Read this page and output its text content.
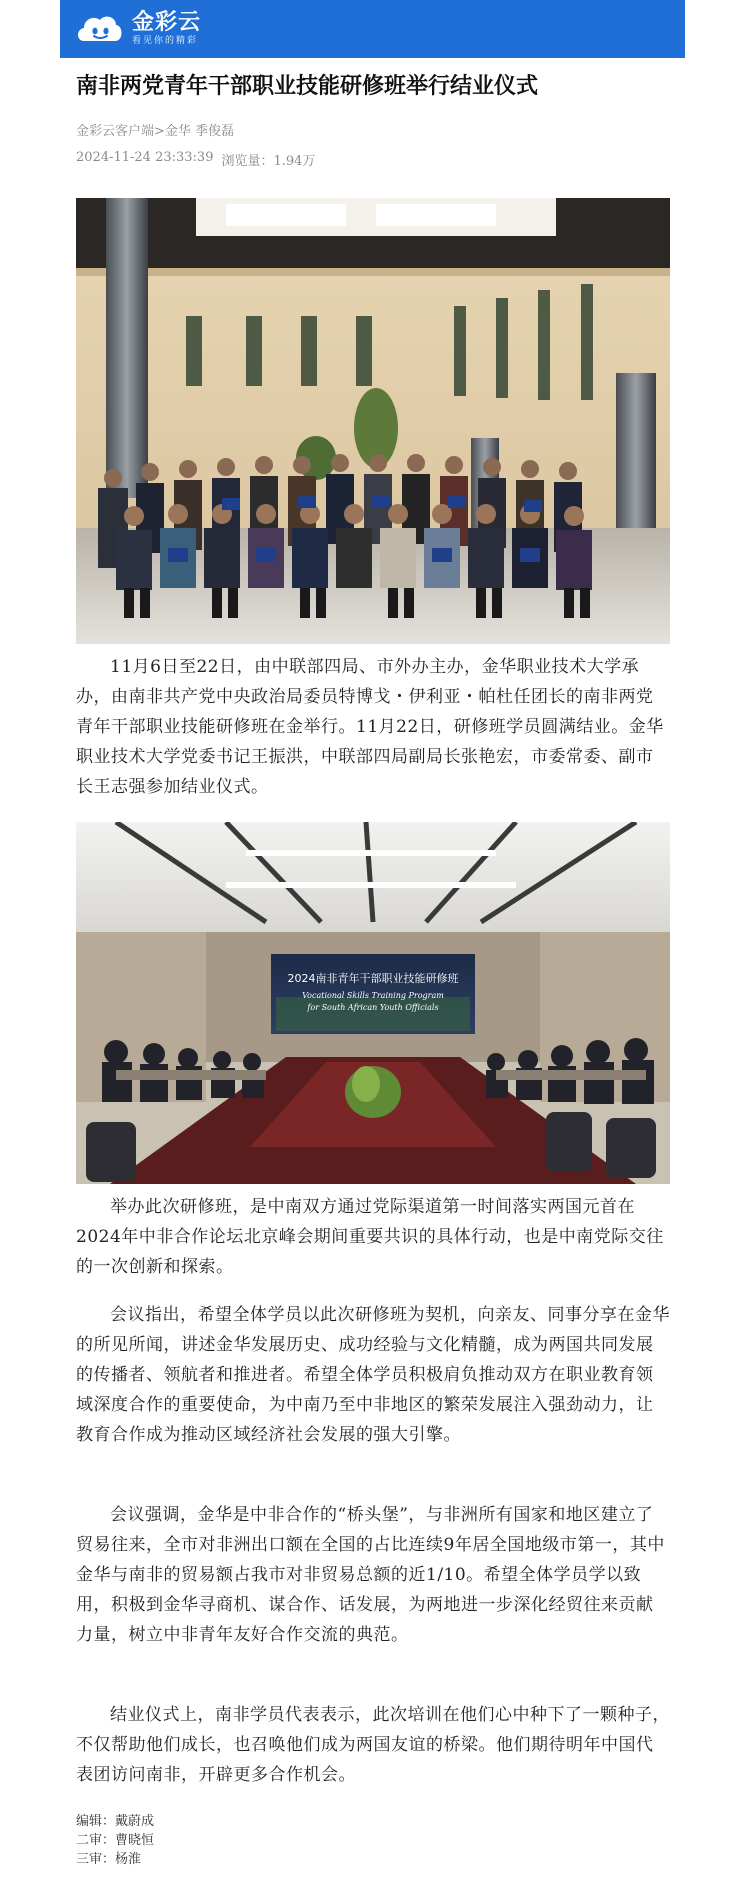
金彩云
看见你的精彩
南非两党青年干部职业技能研修班举行结业仪式
金彩云客户端>金华 季俊磊
2024-11-24 23:33:39 浏览量：1.94万

11月6日至22日，由中联部四局、市外办主办，金华职业技术大学承办，由南非共产党中央政治局委员特博戈・伊利亚・帕杜任团长的南非两党青年干部职业技能研修班在金举行。11月22日，研修班学员圆满结业。金华职业技术大学党委书记王振洪，中联部四局副局长张艳宏，市委常委、副市长王志强参加结业仪式。

2024南非青年干部职业技能研修班
Vocational Skills Training Program
for South African Youth Officials

举办此次研修班，是中南双方通过党际渠道第一时间落实两国元首在2024年中非合作论坛北京峰会期间重要共识的具体行动，也是中南党际交往的一次创新和探索。

会议指出，希望全体学员以此次研修班为契机，向亲友、同事分享在金华的所见所闻，讲述金华发展历史、成功经验与文化精髓，成为两国共同发展的传播者、领航者和推进者。希望全体学员积极肩负推动双方在职业教育领域深度合作的重要使命，为中南乃至中非地区的繁荣发展注入强劲动力，让教育合作成为推动区域经济社会发展的强大引擎。

会议强调，金华是中非合作的“桥头堡”，与非洲所有国家和地区建立了贸易往来，全市对非洲出口额在全国的占比连续9年居全国地级市第一，其中金华与南非的贸易额占我市对非贸易总额的近1/10。希望全体学员学以致用，积极到金华寻商机、谋合作、话发展，为两地进一步深化经贸往来贡献力量，树立中非青年友好合作交流的典范。

结业仪式上，南非学员代表表示，此次培训在他们心中种下了一颗种子，不仅帮助他们成长，也召唤他们成为两国友谊的桥梁。他们期待明年中国代表团访问南非，开辟更多合作机会。

编辑： 戴蔚成
二审： 曹晓恒
三审： 杨淮
